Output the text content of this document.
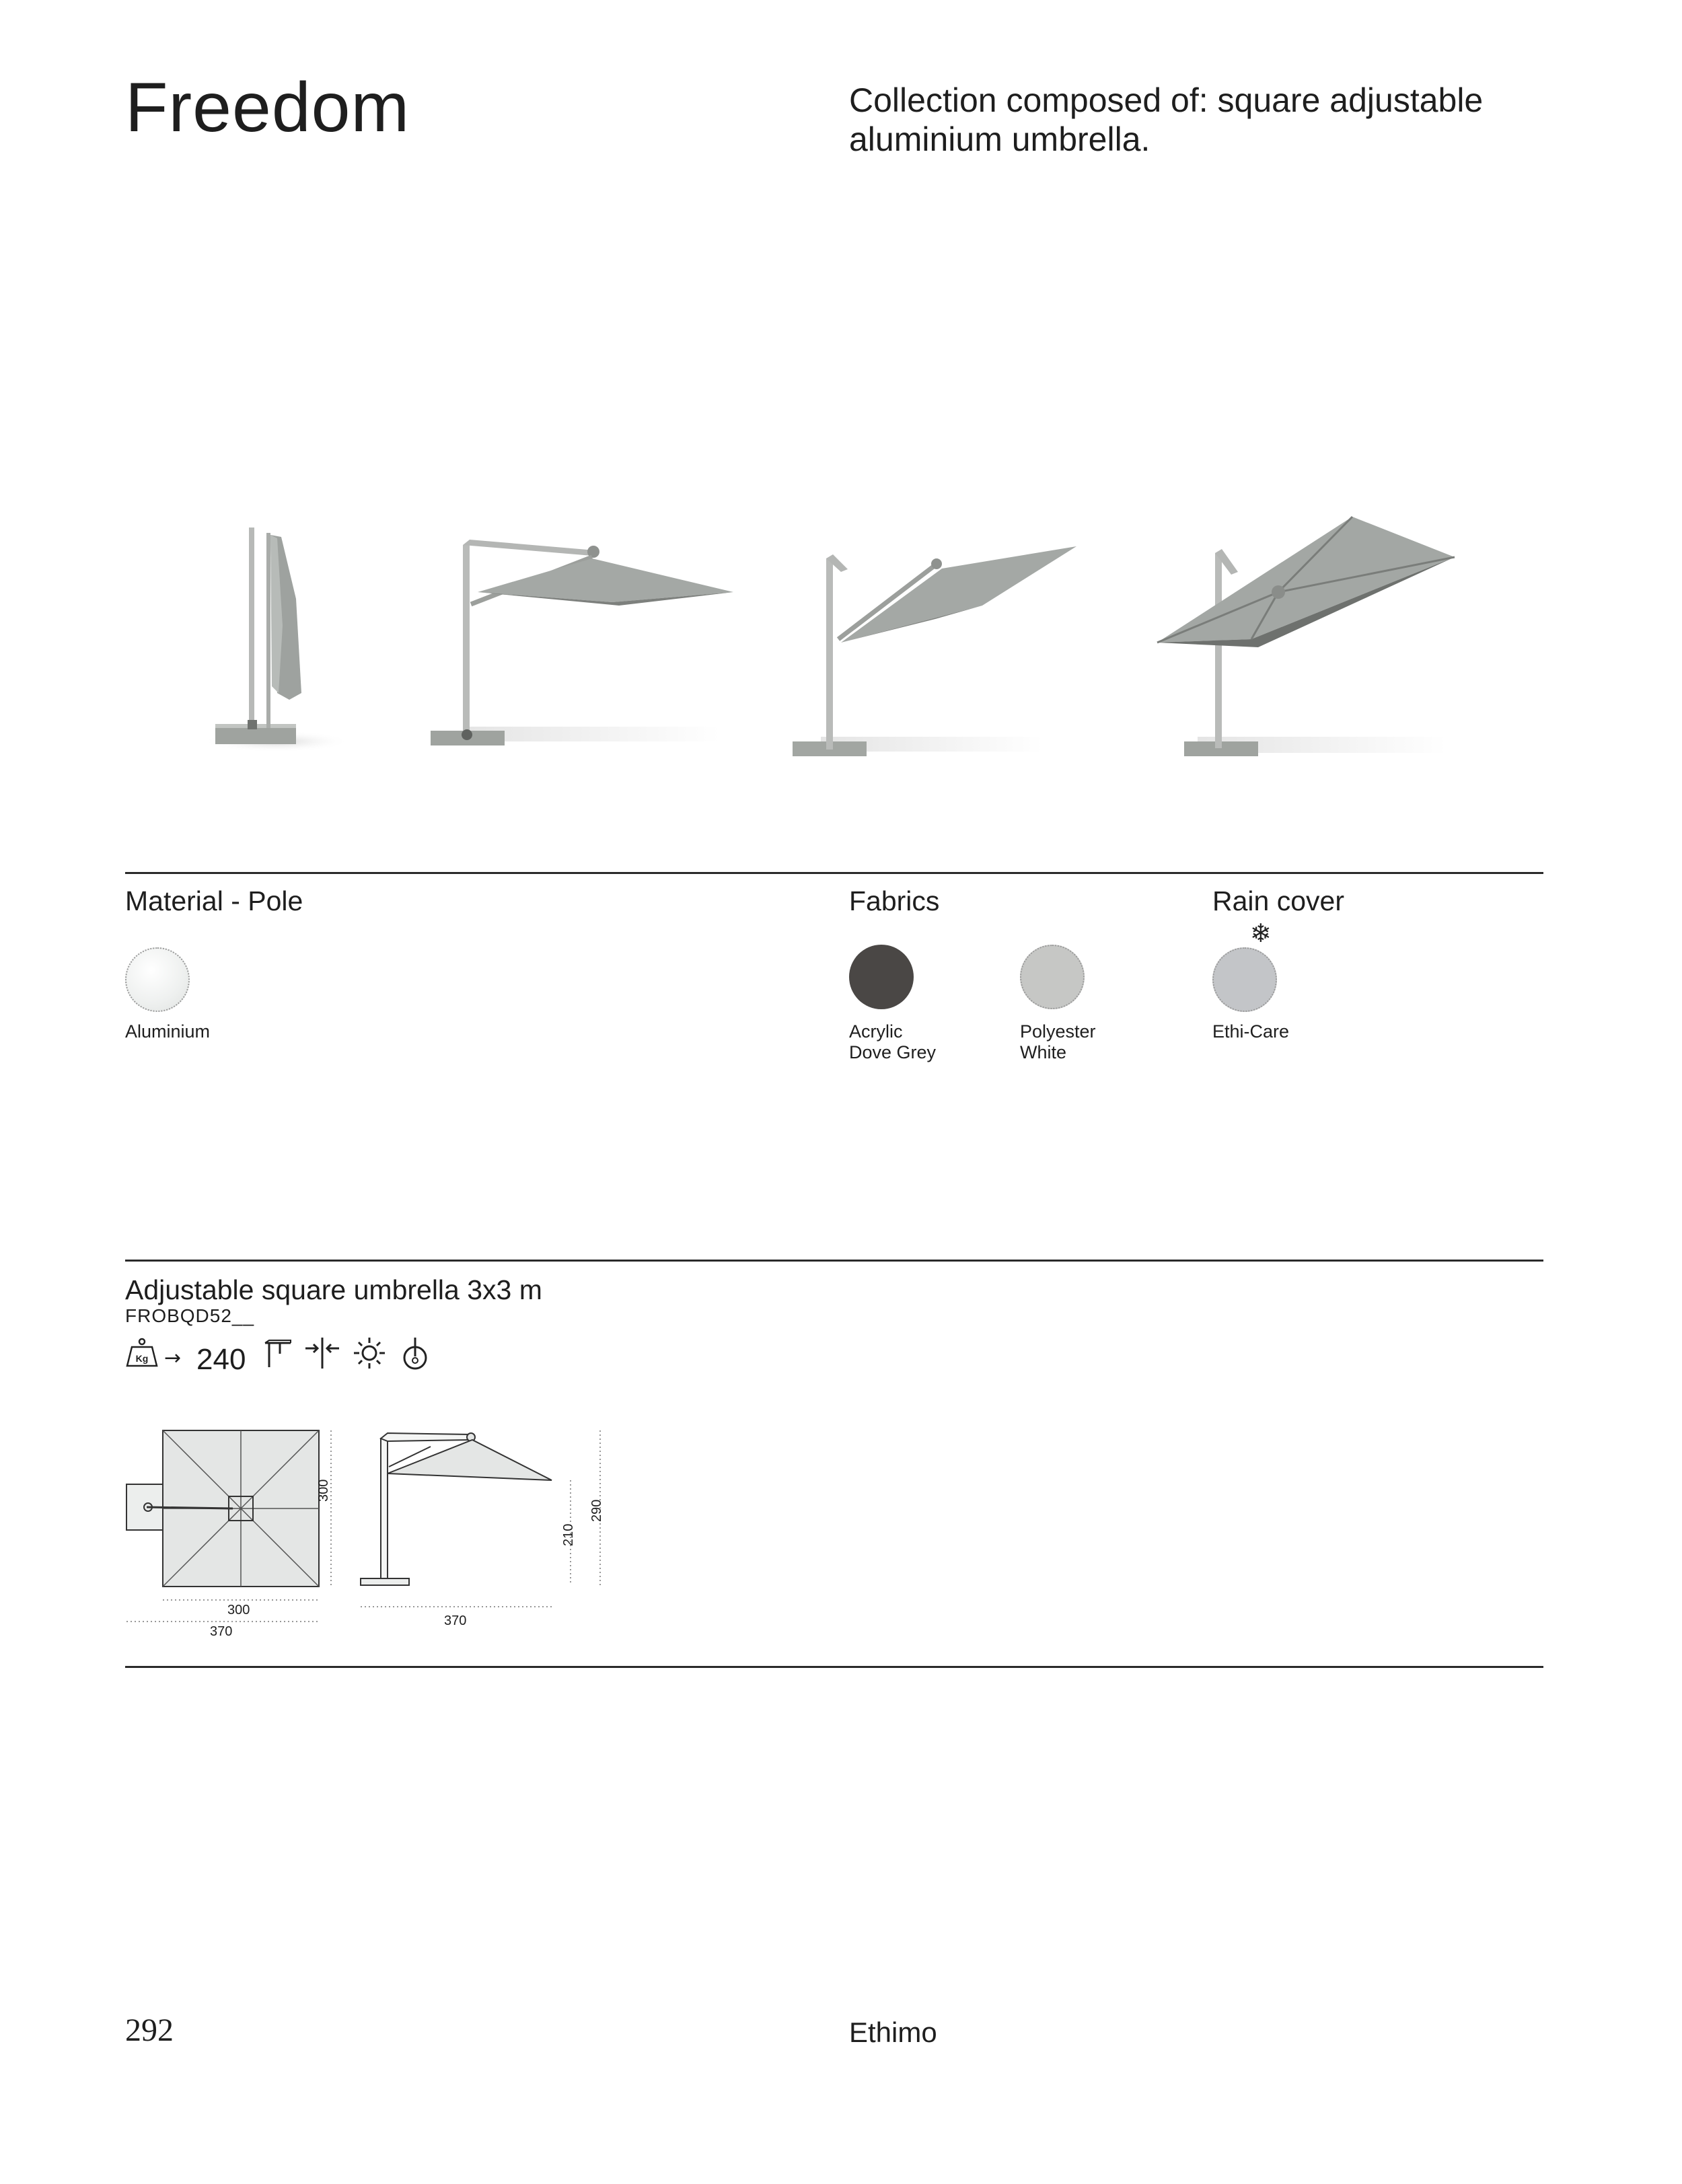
Freedom	Collection composed of: square adjustable aluminium umbrella.
Material - Pole
Aluminium
Fabrics
Acrylic
Dove Grey
Polyester
White
Rain cover
❄
Ethi-Care
Adjustable square umbrella 3x3 m
FROBQD52__
Kg → 240
300
300
370
210
290
370
292	Ethimo
